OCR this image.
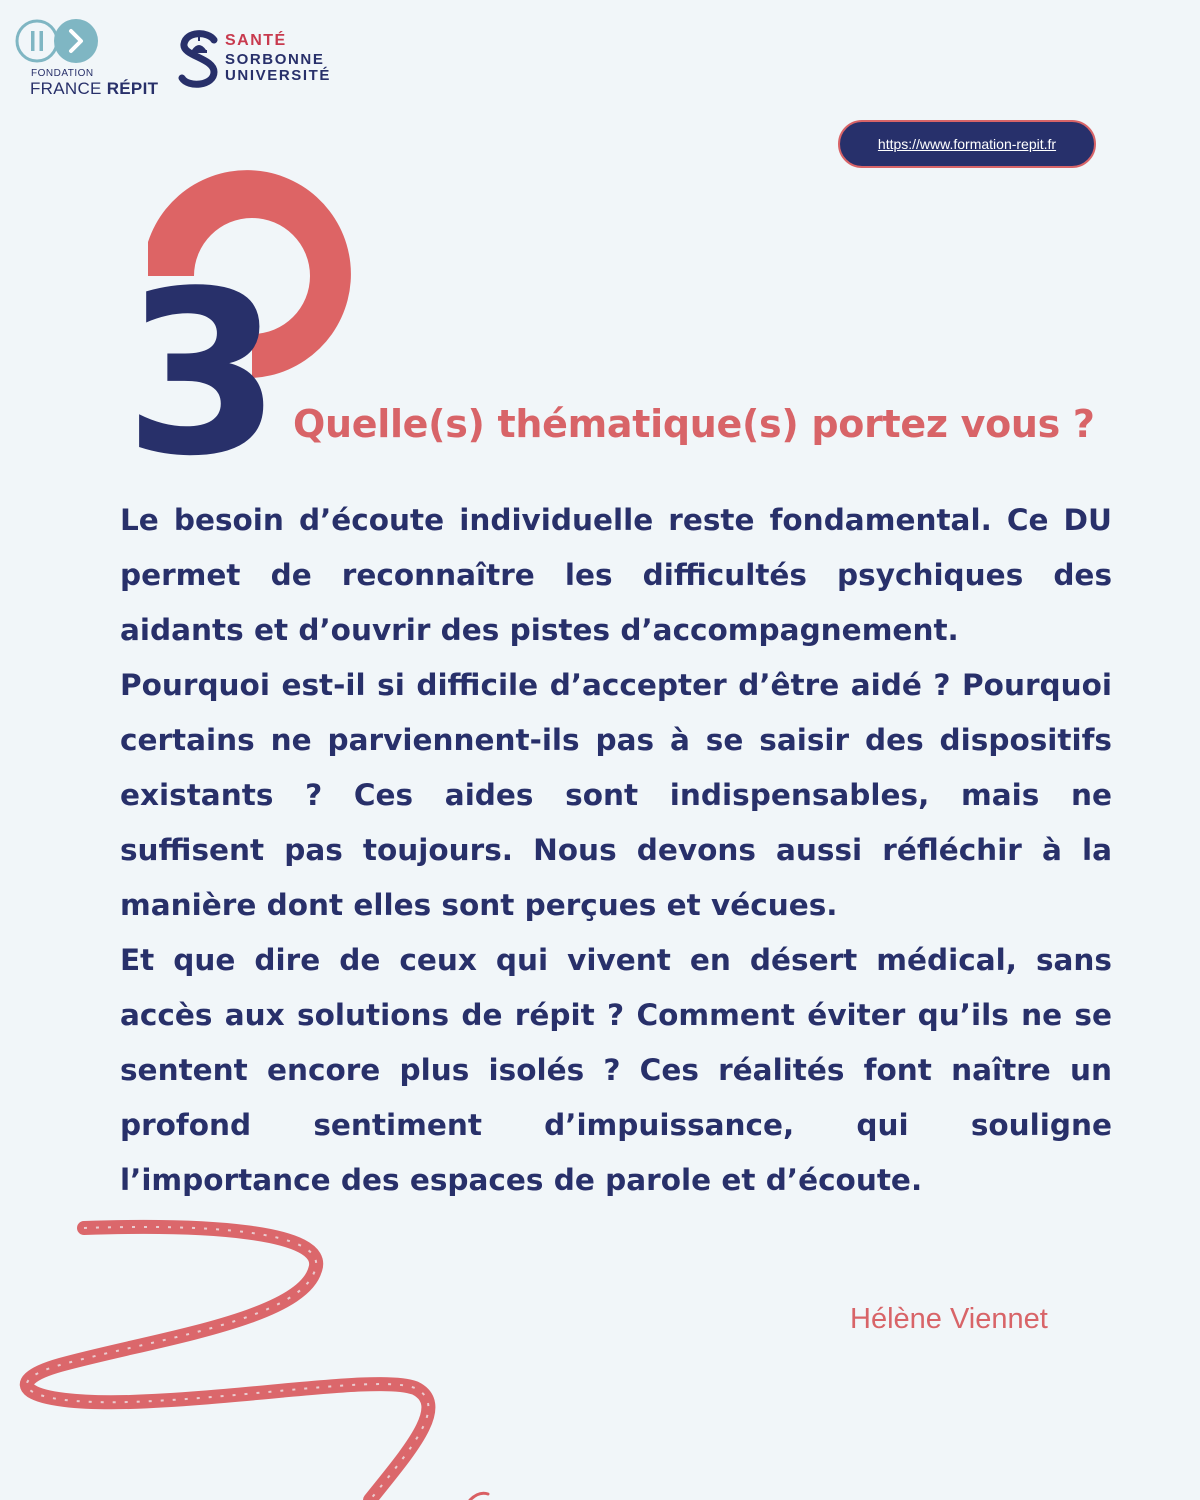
FONDATION
FRANCE RÉPIT
SANTÉ
SORBONNE
UNIVERSITÉ
https://www.formation-repit.fr
3 Quelle(s) thématique(s) portez vous ?

Le besoin d’écoute individuelle reste fondamental. Ce DU permet de reconnaître les difficultés psychiques des aidants et d’ouvrir des pistes d’accompagnement.

Pourquoi est-il si difficile d’accepter d’être aidé ? Pourquoi certains ne parviennent-ils pas à se saisir des dispositifs existants ? Ces aides sont indispensables, mais ne suffisent pas toujours. Nous devons aussi réfléchir à la manière dont elles sont perçues et vécues.

Et que dire de ceux qui vivent en désert médical, sans accès aux solutions de répit ? Comment éviter qu’ils ne se sentent encore plus isolés ? Ces réalités font naître un profond sentiment d’impuissance, qui souligne l’importance des espaces de parole et d’écoute.

Hélène Viennet
